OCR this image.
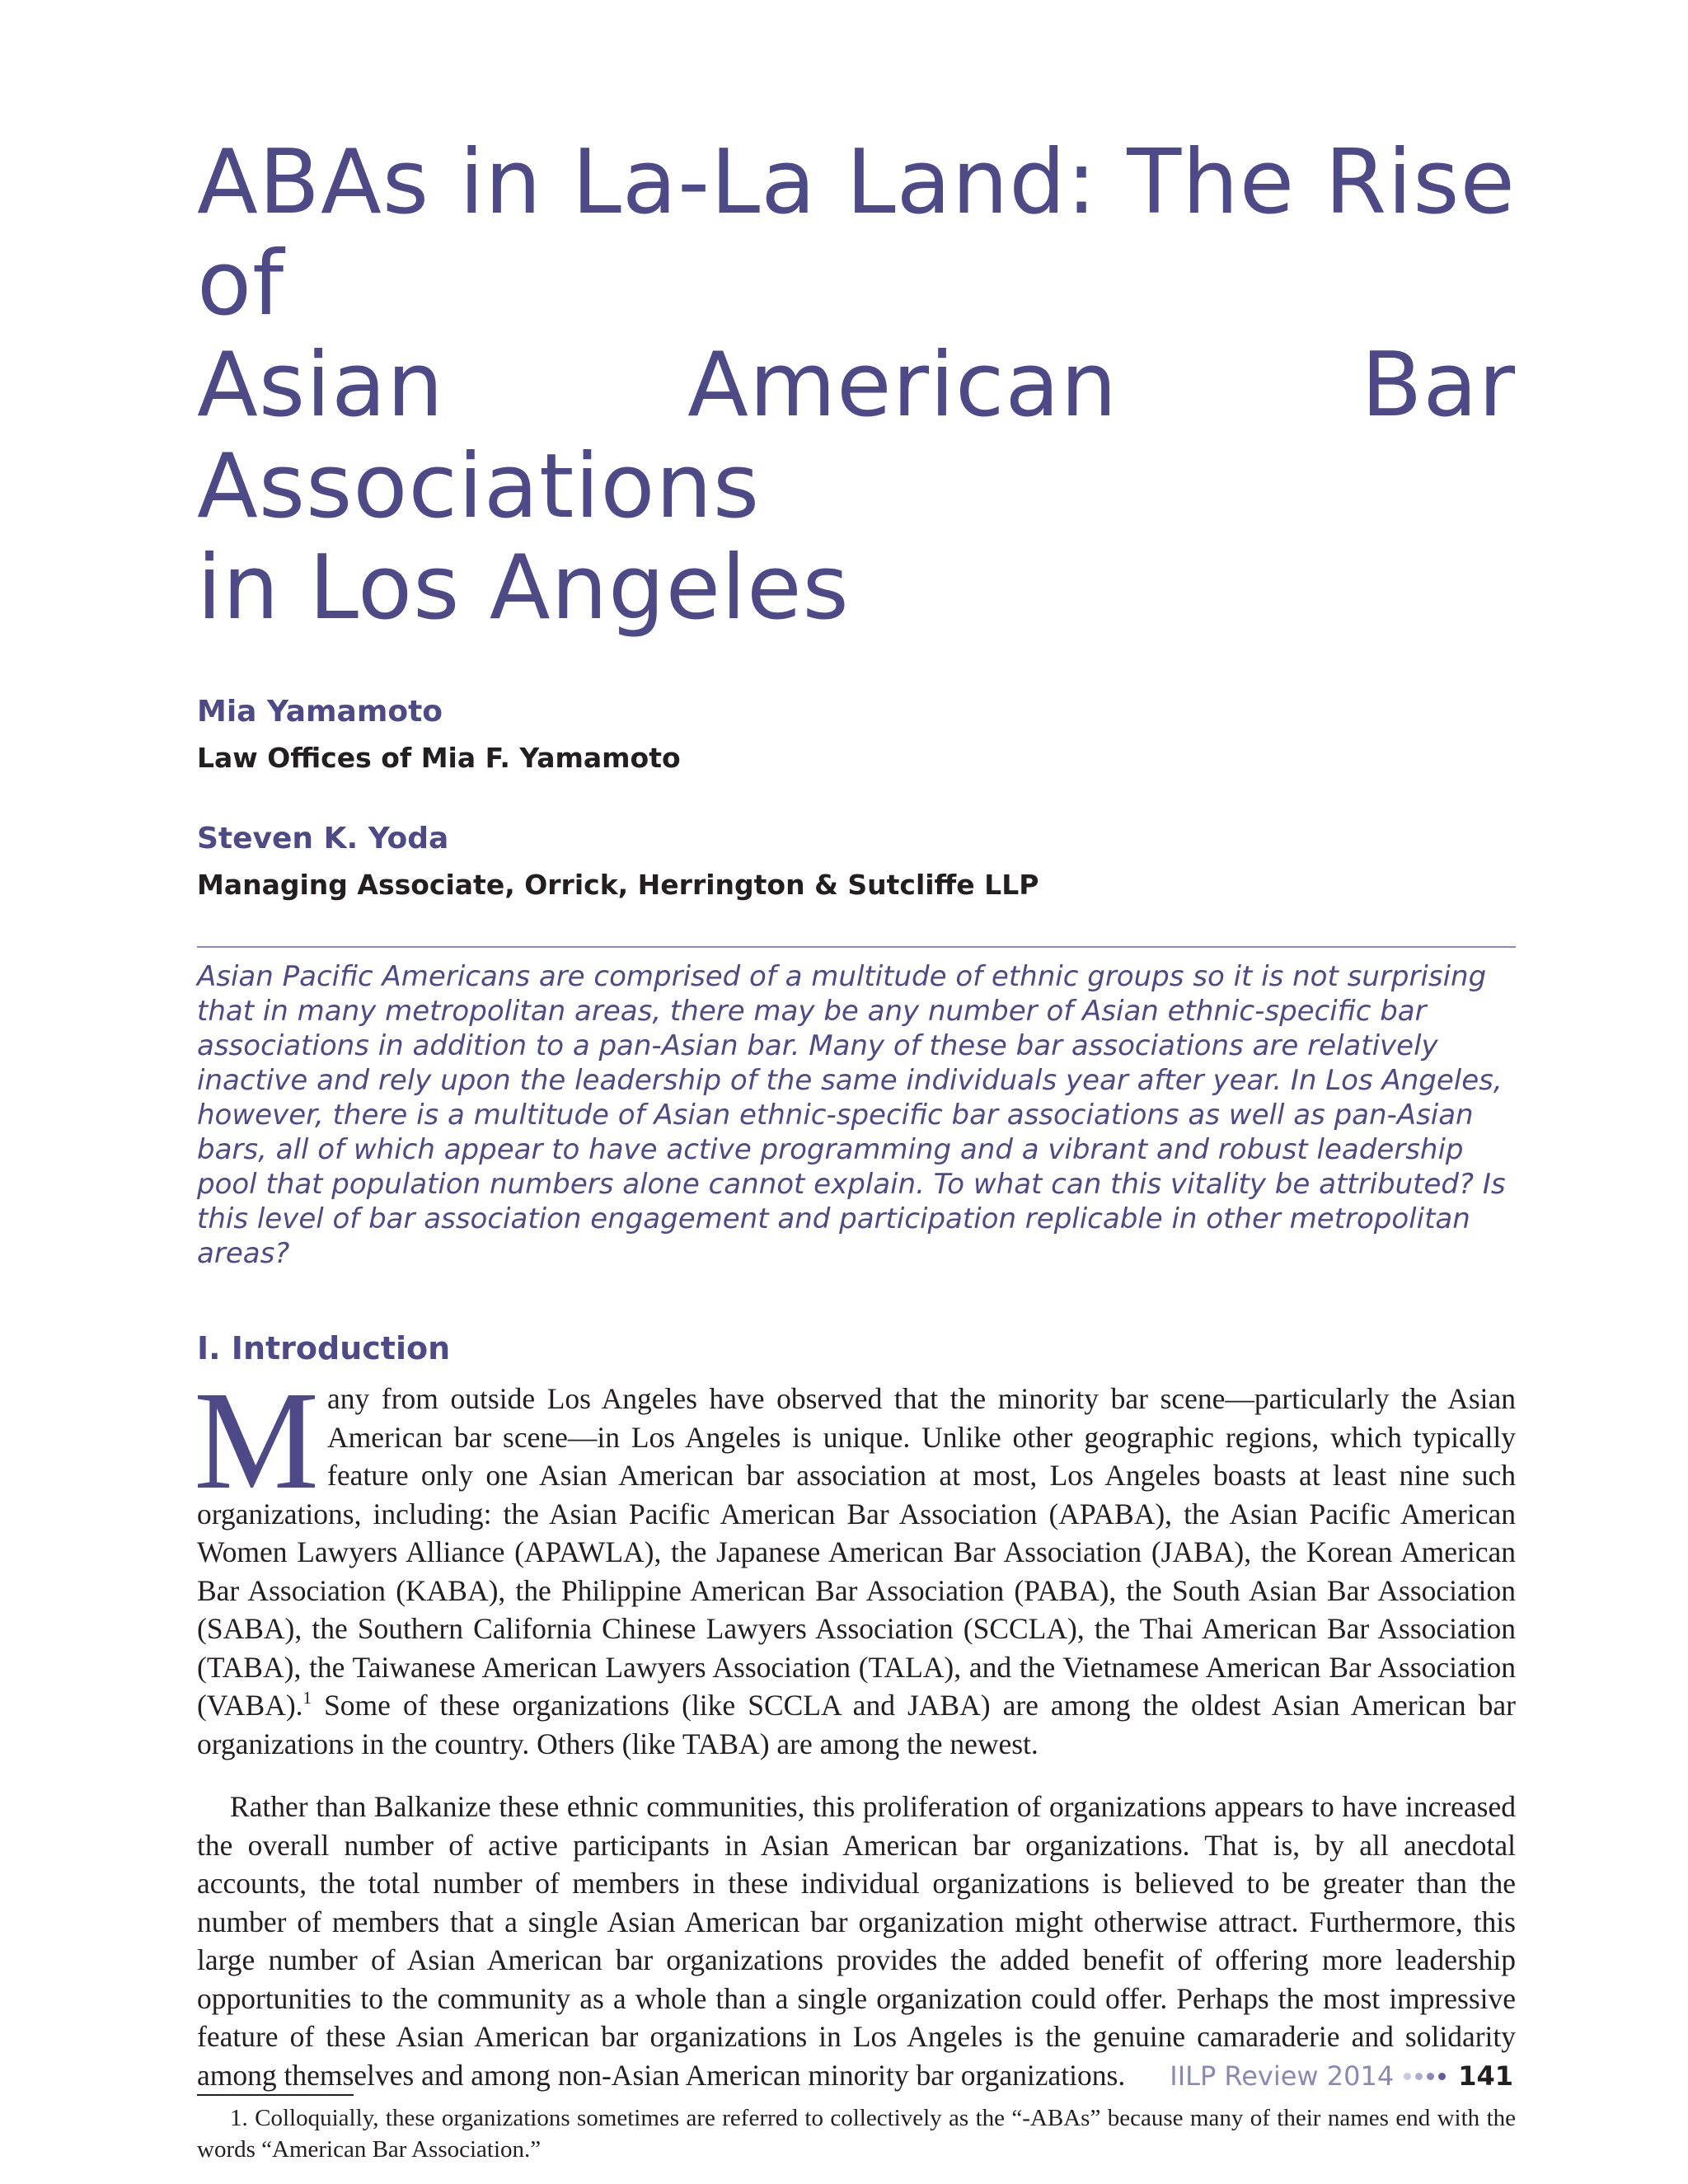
ABAs in La-La Land: The Rise of
Asian American Bar Associations
in Los Angeles

Mia Yamamoto

Law Offices of Mia F. Yamamoto

Steven K. Yoda

Managing Associate, Orrick, Herrington & Sutcliffe LLP

Asian Pacific Americans are comprised of a multitude of ethnic groups so it is not surprising that in many metropolitan areas, there may be any number of Asian ethnic-specific bar associations in addition to a pan-Asian bar. Many of these bar associations are relatively inactive and rely upon the leadership of the same individuals year after year. In Los Angeles, however, there is a multitude of Asian ethnic-specific bar associations as well as pan-Asian bars, all of which appear to have active programming and a vibrant and robust leadership pool that population numbers alone cannot explain. To what can this vitality be attributed? Is this level of bar association engagement and participation replicable in other metropolitan areas?

I. Introduction

Many from outside Los Angeles have observed that the minority bar scene—particularly the Asian American bar scene—in Los Angeles is unique. Unlike other geographic regions, which typically feature only one Asian American bar association at most, Los Angeles boasts at least nine such organizations, including: the Asian Pacific American Bar Association (APABA), the Asian Pacific American Women Lawyers Alliance (APAWLA), the Japanese American Bar Association (JABA), the Korean American Bar Association (KABA), the Philippine American Bar Association (PABA), the South Asian Bar Association (SABA), the Southern California Chinese Lawyers Association (SCCLA), the Thai American Bar Association (TABA), the Taiwanese American Lawyers Association (TALA), and the Vietnamese American Bar Association (VABA).$^1$ Some of these organizations (like SCCLA and JABA) are among the oldest Asian American bar organizations in the country. Others (like TABA) are among the newest.

Rather than Balkanize these ethnic communities, this proliferation of organizations appears to have increased the overall number of active participants in Asian American bar organizations. That is, by all anecdotal accounts, the total number of members in these individual organizations is believed to be greater than the number of members that a single Asian American bar organization might otherwise attract. Furthermore, this large number of Asian American bar organizations provides the added benefit of offering more leadership opportunities to the community as a whole than a single organization could offer. Perhaps the most impressive feature of these Asian American bar organizations in Los Angeles is the genuine camaraderie and solidarity among themselves and among non-Asian American minority bar organizations.

1. Colloquially, these organizations sometimes are referred to collectively as the “-ABAs” because many of their names end with the words “American Bar Association.”

IILP Review 2014 141
